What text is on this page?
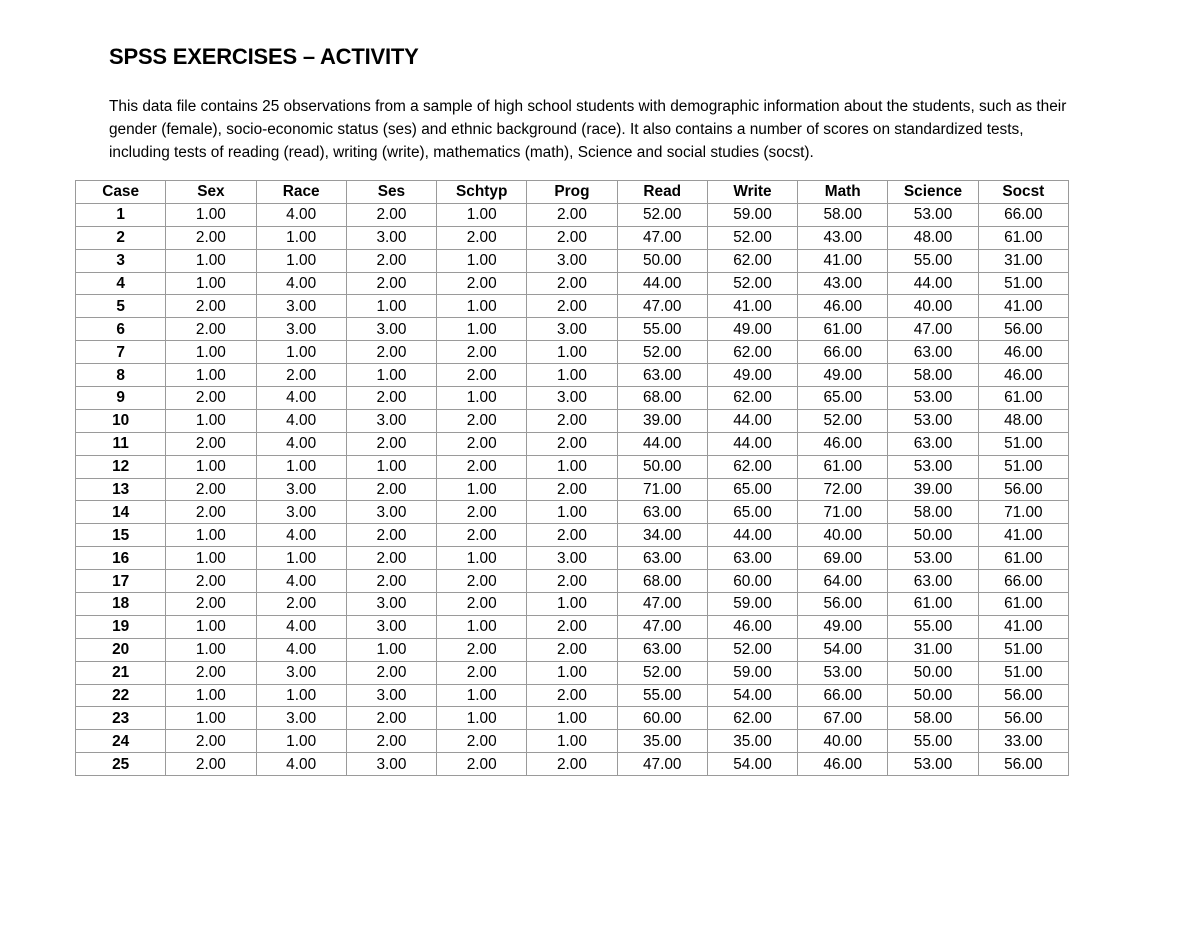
SPSS EXERCISES – ACTIVITY

This data file contains 25 observations from a sample of high school students with demographic information about the students, such as their gender (female), socio-economic status (ses) and ethnic background (race). It also contains a number of scores on standardized tests, including tests of reading (read), writing (write), mathematics (math), Science and social studies (socst).

Case	Sex	Race	Ses	Schtyp	Prog	Read	Write	Math	Science	Socst
1	1.00	4.00	2.00	1.00	2.00	52.00	59.00	58.00	53.00	66.00
2	2.00	1.00	3.00	2.00	2.00	47.00	52.00	43.00	48.00	61.00
3	1.00	1.00	2.00	1.00	3.00	50.00	62.00	41.00	55.00	31.00
4	1.00	4.00	2.00	2.00	2.00	44.00	52.00	43.00	44.00	51.00
5	2.00	3.00	1.00	1.00	2.00	47.00	41.00	46.00	40.00	41.00
6	2.00	3.00	3.00	1.00	3.00	55.00	49.00	61.00	47.00	56.00
7	1.00	1.00	2.00	2.00	1.00	52.00	62.00	66.00	63.00	46.00
8	1.00	2.00	1.00	2.00	1.00	63.00	49.00	49.00	58.00	46.00
9	2.00	4.00	2.00	1.00	3.00	68.00	62.00	65.00	53.00	61.00
10	1.00	4.00	3.00	2.00	2.00	39.00	44.00	52.00	53.00	48.00
11	2.00	4.00	2.00	2.00	2.00	44.00	44.00	46.00	63.00	51.00
12	1.00	1.00	1.00	2.00	1.00	50.00	62.00	61.00	53.00	51.00
13	2.00	3.00	2.00	1.00	2.00	71.00	65.00	72.00	39.00	56.00
14	2.00	3.00	3.00	2.00	1.00	63.00	65.00	71.00	58.00	71.00
15	1.00	4.00	2.00	2.00	2.00	34.00	44.00	40.00	50.00	41.00
16	1.00	1.00	2.00	1.00	3.00	63.00	63.00	69.00	53.00	61.00
17	2.00	4.00	2.00	2.00	2.00	68.00	60.00	64.00	63.00	66.00
18	2.00	2.00	3.00	2.00	1.00	47.00	59.00	56.00	61.00	61.00
19	1.00	4.00	3.00	1.00	2.00	47.00	46.00	49.00	55.00	41.00
20	1.00	4.00	1.00	2.00	2.00	63.00	52.00	54.00	31.00	51.00
21	2.00	3.00	2.00	2.00	1.00	52.00	59.00	53.00	50.00	51.00
22	1.00	1.00	3.00	1.00	2.00	55.00	54.00	66.00	50.00	56.00
23	1.00	3.00	2.00	1.00	1.00	60.00	62.00	67.00	58.00	56.00
24	2.00	1.00	2.00	2.00	1.00	35.00	35.00	40.00	55.00	33.00
25	2.00	4.00	3.00	2.00	2.00	47.00	54.00	46.00	53.00	56.00
